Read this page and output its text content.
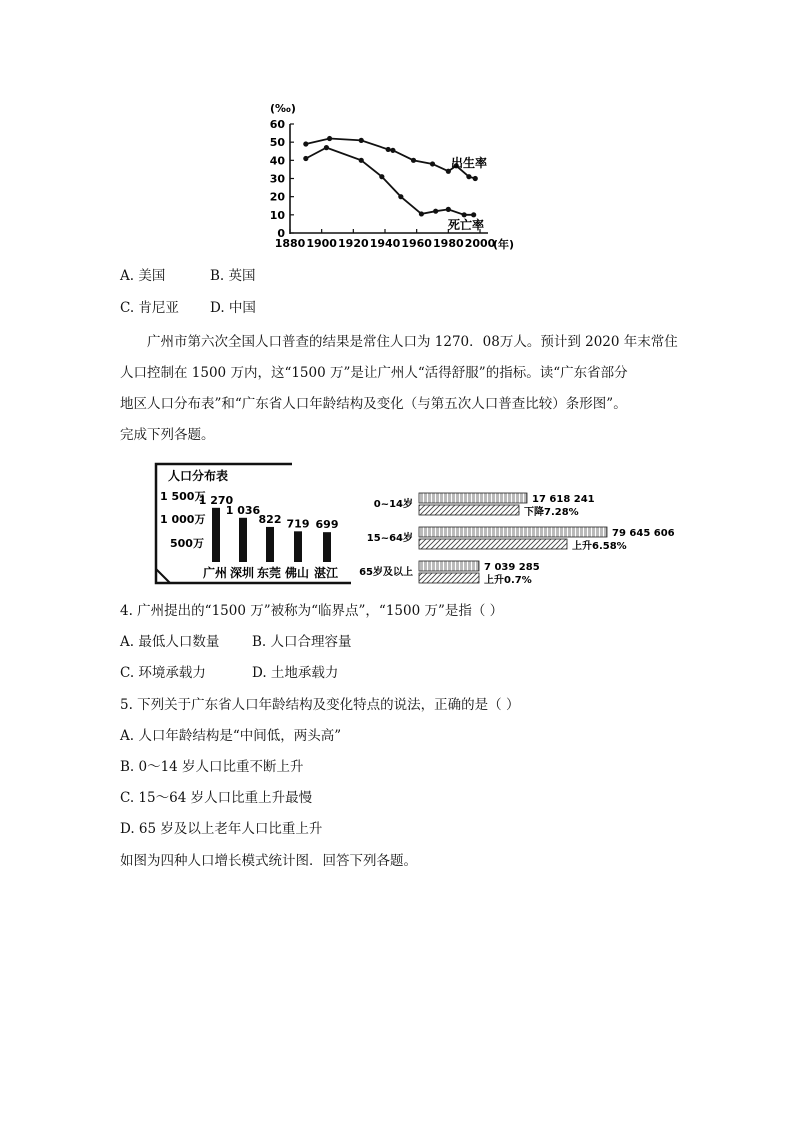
(‰)
0
10
20
30
40
50
60
1880 1900 1920 1940 1960 1980 2000
(年)
出生率
死亡率
A. 美国	B. 英国
C. 肯尼亚 D. 中国
广州市第六次全国人口普查的结果是常住人口为 1270．08万人。预计到 2020 年末常住
人口控制在 1500 万内，这“1500 万”是让广州人“活得舒服”的指标。读“广东省部分
地区人口分布表”和“广东省人口年龄结构及变化（与第五次人口普查比较）条形图”。
完成下列各题。
人口分布表
1 500万
1 000万
500万
1 270
广州
1 036
深圳
822
东莞
719
佛山
699
湛江
0~14岁	17 618 241
下降7.28%
15~64岁	79 645 606
上升6.58%
65岁及以上	7 039 285
上升0.7%
4. 广州提出的“1500 万”被称为“临界点”，“1500 万”是指（ ）
A. 最低人口数量 B. 人口合理容量
C. 环境承载力	D. 土地承载力
5. 下列关于广东省人口年龄结构及变化特点的说法，正确的是（ ）
A. 人口年龄结构是“中间低，两头高”
B. 0～14 岁人口比重不断上升
C. 15～64 岁人口比重上升最慢
D. 65 岁及以上老年人口比重上升
如图为四种人口增长模式统计图．回答下列各题。
